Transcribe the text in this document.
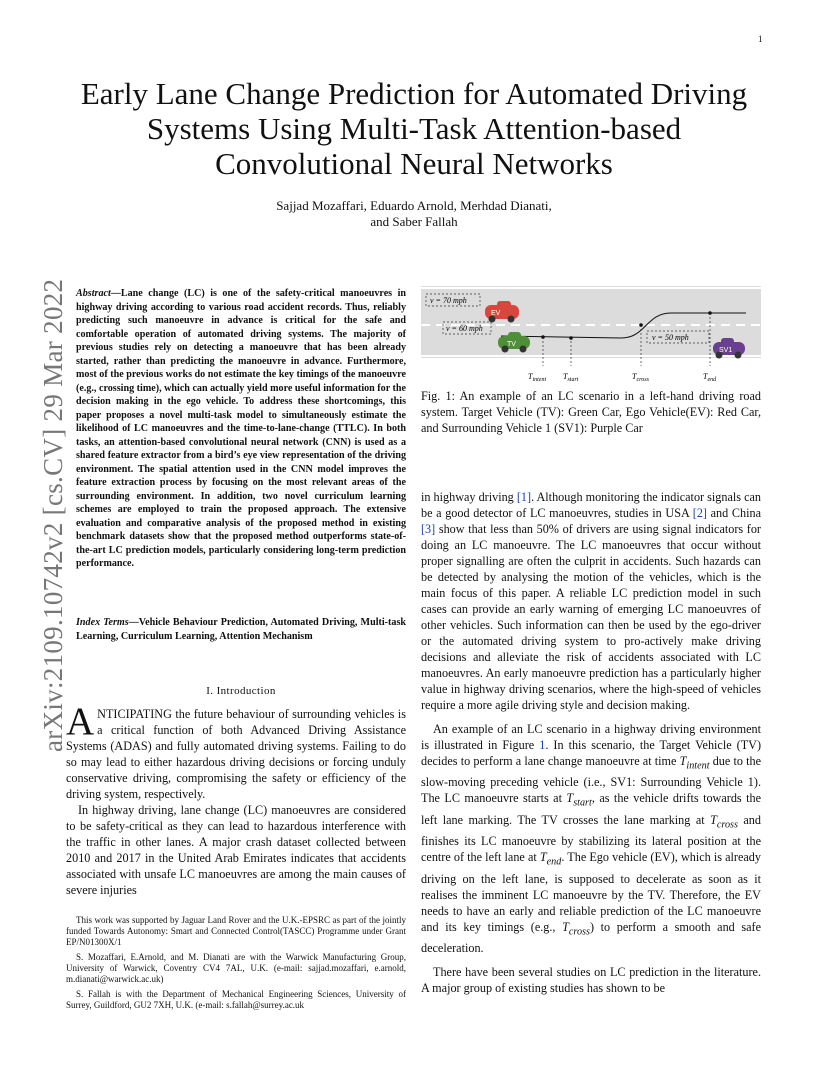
1
arXiv:2109.10742v2 [cs.CV] 29 Mar 2022
Early Lane Change Prediction for Automated Driving Systems Using Multi-Task Attention-based Convolutional Neural Networks
Sajjad Mozaffari, Eduardo Arnold, Merhdad Dianati,
and Saber Fallah
Abstract—Lane change (LC) is one of the safety-critical manoeuvres in highway driving according to various road accident records. Thus, reliably predicting such manoeuvre in advance is critical for the safe and comfortable operation of automated driving systems. The majority of previous studies rely on detecting a manoeuvre that has been already started, rather than predicting the manoeuvre in advance. Furthermore, most of the previous works do not estimate the key timings of the manoeuvre (e.g., crossing time), which can actually yield more useful information for the decision making in the ego vehicle. To address these shortcomings, this paper proposes a novel multi-task model to simultaneously estimate the likelihood of LC manoeuvres and the time-to-lane-change (TTLC). In both tasks, an attention-based convolutional neural network (CNN) is used as a shared feature extractor from a bird’s eye view representation of the driving environment. The spatial attention used in the CNN model improves the feature extraction process by focusing on the most relevant areas of the surrounding environment. In addition, two novel curriculum learning schemes are employed to train the proposed approach. The extensive evaluation and comparative analysis of the proposed method in existing benchmark datasets show that the proposed method outperforms state-of-the-art LC prediction models, particularly considering long-term prediction performance.
Index Terms—Vehicle Behaviour Prediction, Automated Driving, Multi-task Learning, Curriculum Learning, Attention Mechanism
I. Introduction

ANTICIPATING the future behaviour of surrounding vehicles is a critical function of both Advanced Driving Assistance Systems (ADAS) and fully automated driving systems. Failing to do so may lead to either hazardous driving decisions or forcing unduly conservative driving, compromising the safety or efficiency of the driving system, respectively.

In highway driving, lane change (LC) manoeuvres are considered to be safety-critical as they can lead to hazardous interference with the traffic in other lanes. A major crash dataset collected between 2010 and 2017 in the United Arab Emirates indicates that accidents associated with unsafe LC manoeuvres are among the main causes of severe injuries

This work was supported by Jaguar Land Rover and the U.K.-EPSRC as part of the jointly funded Towards Autonomy: Smart and Connected Control(TASCC) Programme under Grant EP/N01300X/1

S. Mozaffari, E.Arnold, and M. Dianati are with the Warwick Manufacturing Group, University of Warwick, Coventry CV4 7AL, U.K. (e-mail: sajjad.mozaffari, e.arnold, m.dianati@warwick.ac.uk)

S. Fallah is with the Department of Mechanical Engineering Sciences, University of Surrey, Guildford, GU2 7XH, U.K. (e-mail: s.fallah@surrey.ac.uk

v = 70 mph
v = 60 mph
v = 50 mph
EV
TV
SV1
$T_{intent}$ $T_{start}$	$T_{cross}$	$T_{end}$
Fig. 1: An example of an LC scenario in a left-hand driving road system. Target Vehicle (TV): Green Car, Ego Vehicle(EV): Red Car, and Surrounding Vehicle 1 (SV1): Purple Car

in highway driving [1]. Although monitoring the indicator signals can be a good detector of LC manoeuvres, studies in USA [2] and China [3] show that less than 50% of drivers are using signal indicators for doing an LC manoeuvre. The LC manoeuvres that occur without proper signalling are often the culprit in accidents. Such hazards can be detected by analysing the motion of the vehicles, which is the main focus of this paper. A reliable LC prediction model in such cases can provide an early warning of emerging LC manoeuvres of other vehicles. Such information can then be used by the ego-driver or the automated driving system to pro-actively make driving decisions and alleviate the risk of accidents associated with LC manoeuvres. An early manoeuvre prediction has a particularly higher value in highway driving scenarios, where the high-speed of vehicles require a more agile driving style and decision making.

An example of an LC scenario in a highway driving environment is illustrated in Figure 1. In this scenario, the Target Vehicle (TV) decides to perform a lane change manoeuvre at time $T_{intent}$ due to the slow-moving preceding vehicle (i.e., SV1: Surrounding Vehicle 1). The LC manoeuvre starts at $T_{start}$, as the vehicle drifts towards the left lane marking. The TV crosses the lane marking at $T_{cross}$ and finishes its LC manoeuvre by stabilizing its lateral position at the centre of the left lane at $T_{end}$. The Ego vehicle (EV), which is already driving on the left lane, is supposed to decelerate as soon as it realises the imminent LC manoeuvre by the TV. Therefore, the EV needs to have an early and reliable prediction of the LC manoeuvre and its key timings (e.g., $T_{cross}$) to perform a smooth and safe deceleration.

There have been several studies on LC prediction in the literature. A major group of existing studies has shown to be
